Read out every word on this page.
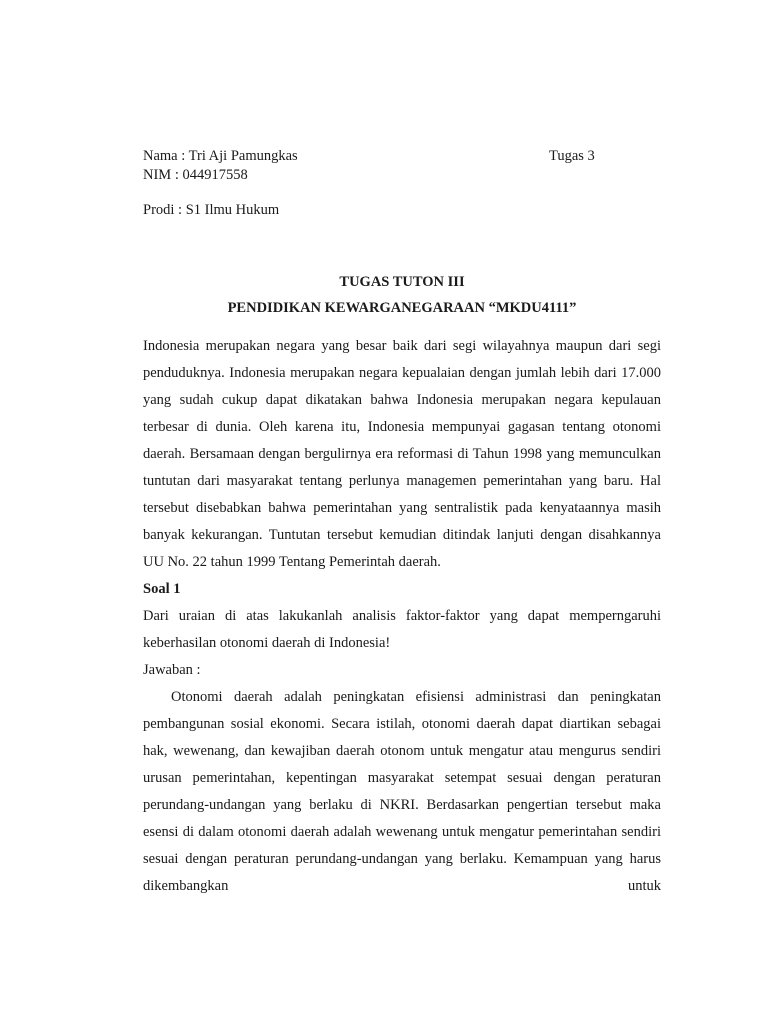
Nama : Tri Aji Pamungkas	Tugas 3
NIM : 044917558
Prodi : S1 Ilmu Hukum
TUGAS TUTON III
PENDIDIKAN KEWARGANEGARAAN “MKDU4111”

Indonesia merupakan negara yang besar baik dari segi wilayahnya maupun dari segi penduduknya. Indonesia merupakan negara kepualaian dengan jumlah lebih dari 17.000 yang sudah cukup dapat dikatakan bahwa Indonesia merupakan negara kepulauan terbesar di dunia. Oleh karena itu, Indonesia mempunyai gagasan tentang otonomi daerah. Bersamaan dengan bergulirnya era reformasi di Tahun 1998 yang memunculkan tuntutan dari masyarakat tentang perlunya managemen pemerintahan yang baru. Hal tersebut disebabkan bahwa pemerintahan yang sentralistik pada kenyataannya masih banyak kekurangan. Tuntutan tersebut kemudian ditindak lanjuti dengan disahkannya UU No. 22 tahun 1999 Tentang Pemerintah daerah.

Soal 1

Dari uraian di atas lakukanlah analisis faktor-faktor yang dapat memperngaruhi keberhasilan otonomi daerah di Indonesia!

Jawaban :

Otonomi daerah adalah peningkatan efisiensi administrasi dan peningkatan pembangunan sosial ekonomi. Secara istilah, otonomi daerah dapat diartikan sebagai hak, wewenang, dan kewajiban daerah otonom untuk mengatur atau mengurus sendiri urusan pemerintahan, kepentingan masyarakat setempat sesuai dengan peraturan perundang-undangan yang berlaku di NKRI. Berdasarkan pengertian tersebut maka esensi di dalam otonomi daerah adalah wewenang untuk mengatur pemerintahan sendiri sesuai dengan peraturan perundang-undangan yang berlaku. Kemampuan yang harus dikembangkan untuk
